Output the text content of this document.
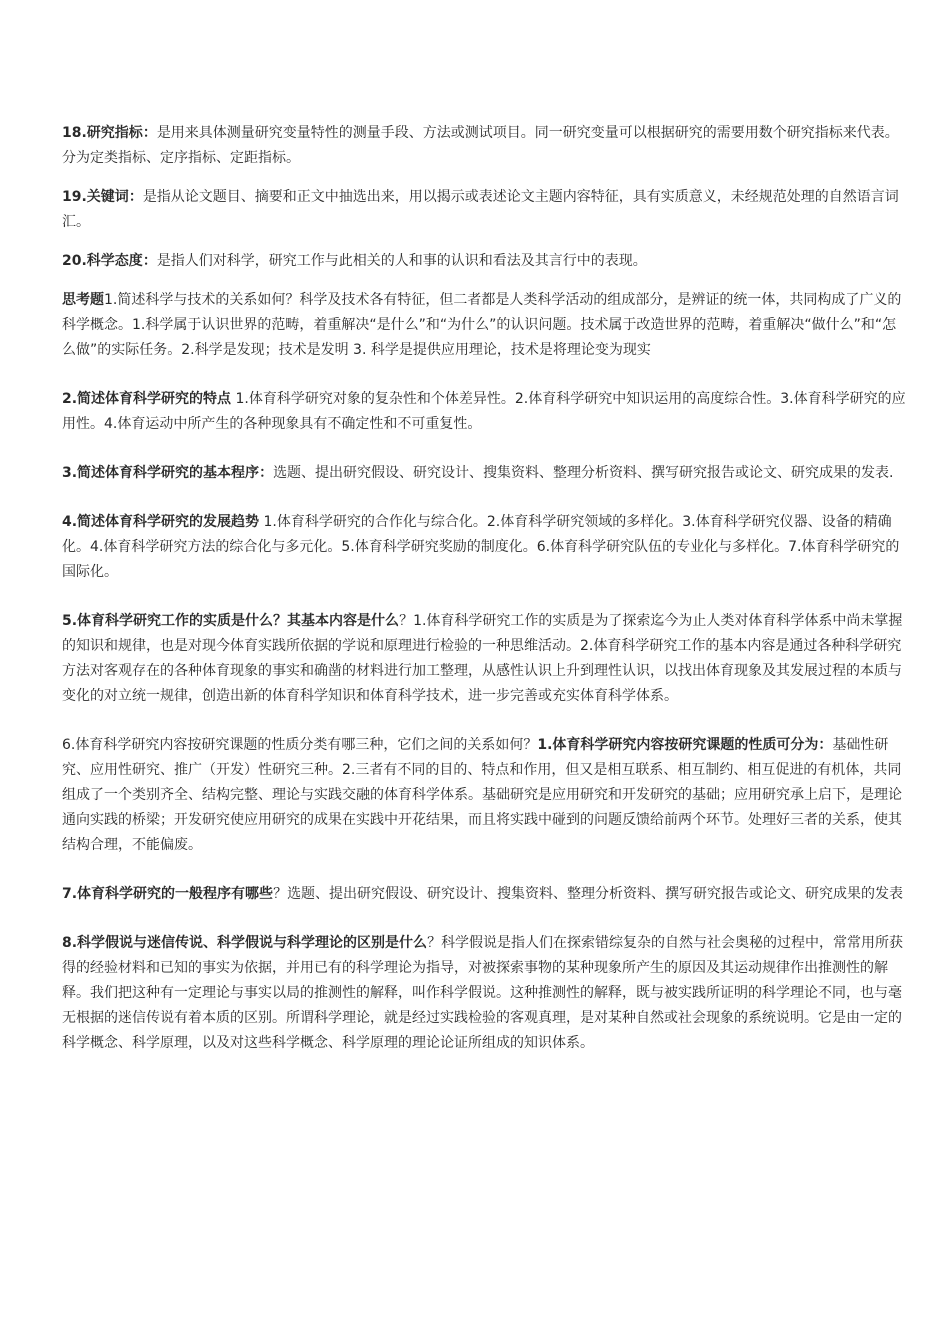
18.研究指标：是用来具体测量研究变量特性的测量手段、方法或测试项目。同一研究变量可以根据研究的需要用数个研究指标来代表。分为定类指标、定序指标、定距指标。

19.关键词：是指从论文题目、摘要和正文中抽选出来，用以揭示或表述论文主题内容特征，具有实质意义，未经规范处理的自然语言词汇。

20.科学态度：是指人们对科学，研究工作与此相关的人和事的认识和看法及其言行中的表现。

思考题1.简述科学与技术的关系如何？科学及技术各有特征，但二者都是人类科学活动的组成部分，是辨证的统一体，共同构成了广义的科学概念。1.科学属于认识世界的范畴，着重解决“是什么”和“为什么”的认识问题。技术属于改造世界的范畴，着重解决“做什么”和“怎么做”的实际任务。2.科学是发现；技术是发明 3. 科学是提供应用理论，技术是将理论变为现实

2.简述体育科学研究的特点 1.体育科学研究对象的复杂性和个体差异性。2.体育科学研究中知识运用的高度综合性。3.体育科学研究的应用性。4.体育运动中所产生的各种现象具有不确定性和不可重复性。

3.简述体育科学研究的基本程序：选题、提出研究假设、研究设计、搜集资料、整理分析资料、撰写研究报告或论文、研究成果的发表.

4.简述体育科学研究的发展趋势 1.体育科学研究的合作化与综合化。2.体育科学研究领域的多样化。3.体育科学研究仪器、设备的精确化。4.体育科学研究方法的综合化与多元化。5.体育科学研究奖励的制度化。6.体育科学研究队伍的专业化与多样化。7.体育科学研究的国际化。

5.体育科学研究工作的实质是什么？其基本内容是什么？1.体育科学研究工作的实质是为了探索迄今为止人类对体育科学体系中尚未掌握的知识和规律，也是对现今体育实践所依据的学说和原理进行检验的一种思维活动。2.体育科学研究工作的基本内容是通过各种科学研究方法对客观存在的各种体育现象的事实和确凿的材料进行加工整理，从感性认识上升到理性认识，以找出体育现象及其发展过程的本质与变化的对立统一规律，创造出新的体育科学知识和体育科学技术，进一步完善或充实体育科学体系。

6.体育科学研究内容按研究课题的性质分类有哪三种，它们之间的关系如何？1.体育科学研究内容按研究课题的性质可分为：基础性研究、应用性研究、推广（开发）性研究三种。2.三者有不同的目的、特点和作用，但又是相互联系、相互制约、相互促进的有机体，共同组成了一个类别齐全、结构完整、理论与实践交融的体育科学体系。基础研究是应用研究和开发研究的基础；应用研究承上启下，是理论通向实践的桥梁；开发研究使应用研究的成果在实践中开花结果，而且将实践中碰到的问题反馈给前两个环节。处理好三者的关系，使其结构合理，不能偏废。

7.体育科学研究的一般程序有哪些？选题、提出研究假设、研究设计、搜集资料、整理分析资料、撰写研究报告或论文、研究成果的发表

8.科学假说与迷信传说、科学假说与科学理论的区别是什么？科学假说是指人们在探索错综复杂的自然与社会奥秘的过程中，常常用所获得的经验材料和已知的事实为依据，并用已有的科学理论为指导，对被探索事物的某种现象所产生的原因及其运动规律作出推测性的解释。我们把这种有一定理论与事实以局的推测性的解释，叫作科学假说。这种推测性的解释，既与被实践所证明的科学理论不同，也与毫无根据的迷信传说有着本质的区别。所谓科学理论，就是经过实践检验的客观真理，是对某种自然或社会现象的系统说明。它是由一定的科学概念、科学原理，以及对这些科学概念、科学原理的理论论证所组成的知识体系。
